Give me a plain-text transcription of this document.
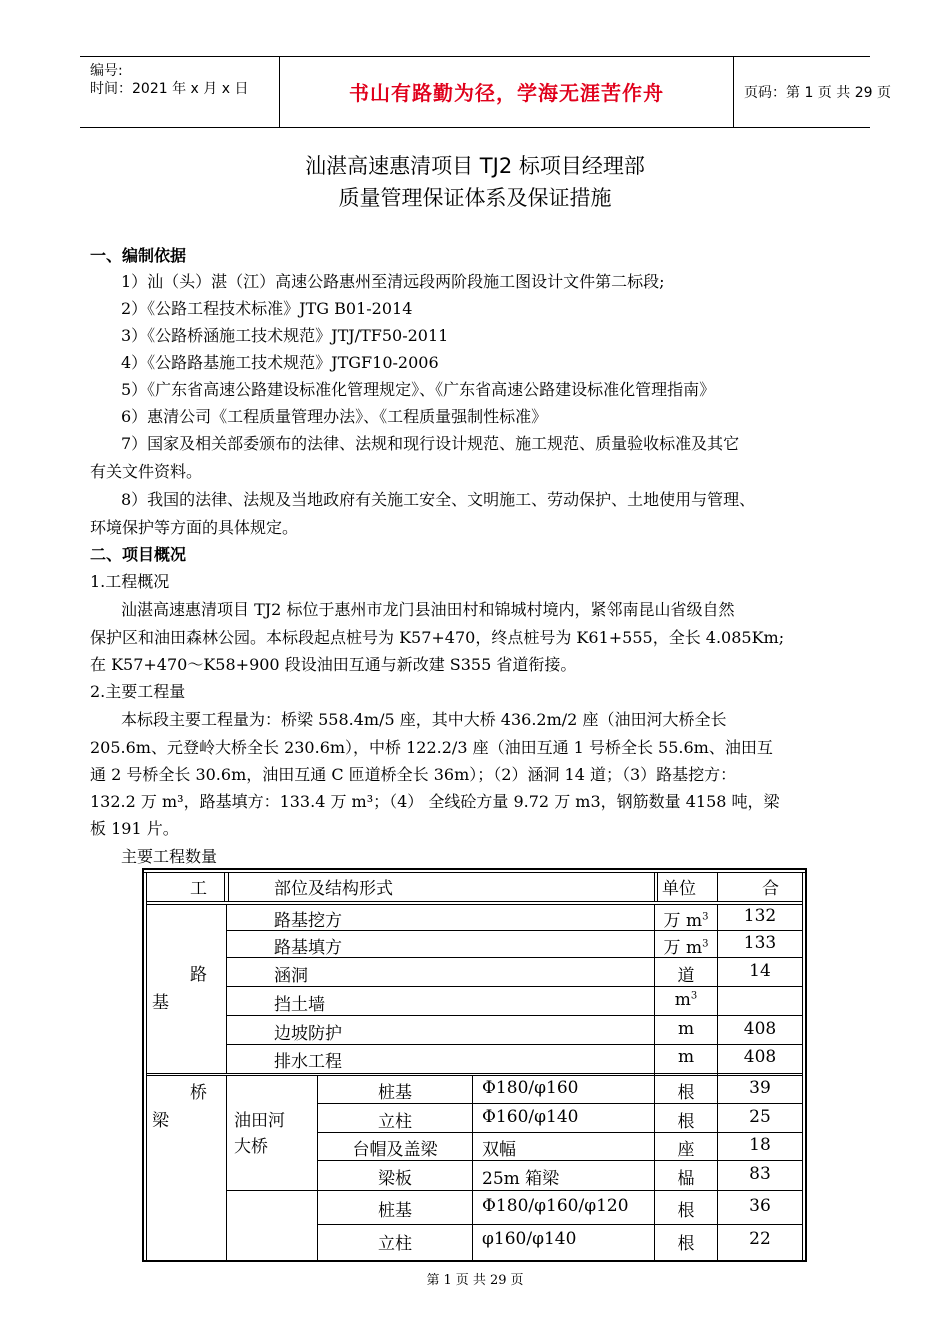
编号:
时间：2021 年 x 月 x 日	书山有路勤为径，学海无涯苦作舟	页码：第 1 页 共 29 页
汕湛高速惠清项目 TJ2 标项目经理部
质量管理保证体系及保证措施
一、编制依据
1）汕（头）湛（江）高速公路惠州至清远段两阶段施工图设计文件第二标段;
2）《公路工程技术标准》JTG B01-2014
3）《公路桥涵施工技术规范》JTJ/TF50-2011
4）《公路路基施工技术规范》JTGF10-2006
5）《广东省高速公路建设标准化管理规定》、《广东省高速公路建设标准化管理指南》
6）惠清公司《工程质量管理办法》、《工程质量强制性标准》
7）国家及相关部委颁布的法律、法规和现行设计规范、施工规范、质量验收标准及其它
有关文件资料。
8）我国的法律、法规及当地政府有关施工安全、文明施工、劳动保护、土地使用与管理、
环境保护等方面的具体规定。
二、项目概况
1.工程概况
汕湛高速惠清项目 TJ2 标位于惠州市龙门县油田村和锦城村境内，紧邻南昆山省级自然
保护区和油田森林公园。本标段起点桩号为 K57+470，终点桩号为 K61+555，全长 4.085Km;
在 K57+470～K58+900 段设油田互通与新改建 S355 省道衔接。
2.主要工程量
本标段主要工程量为：桥梁 558.4m/5 座，其中大桥 436.2m/2 座（油田河大桥全长
205.6m、元登岭大桥全长 230.6m），中桥 122.2/3 座（油田互通 1 号桥全长 55.6m、油田互
通 2 号桥全长 30.6m，油田互通 C 匝道桥全长 36m）；（2）涵洞 14 道；（3）路基挖方：
132.2 万 m³，路基填方：133.4 万 m³；（4） 全线砼方量 9.72 万 m3，钢筋数量 4158 吨，梁
板 191 片。
主要工程数量
工	部位及结构形式	单位	合
路
基
路基挖方	万 $m^3$	132
路基填方	万 $m^3$	133
涵洞	道	14
挡土墙	$m^3$
边坡防护	m	408
排水工程	m	408
桥
梁	油田河
大桥
桩基	Φ180/φ160	根	39
立柱	Φ160/φ140	根	25
台帽及盖梁	双幅	座	18
梁板	25m 箱梁	榀	83
桩基	Φ180/φ160/φ120	根	36
立柱	φ160/φ140	根	22
第 1 页 共 29 页
